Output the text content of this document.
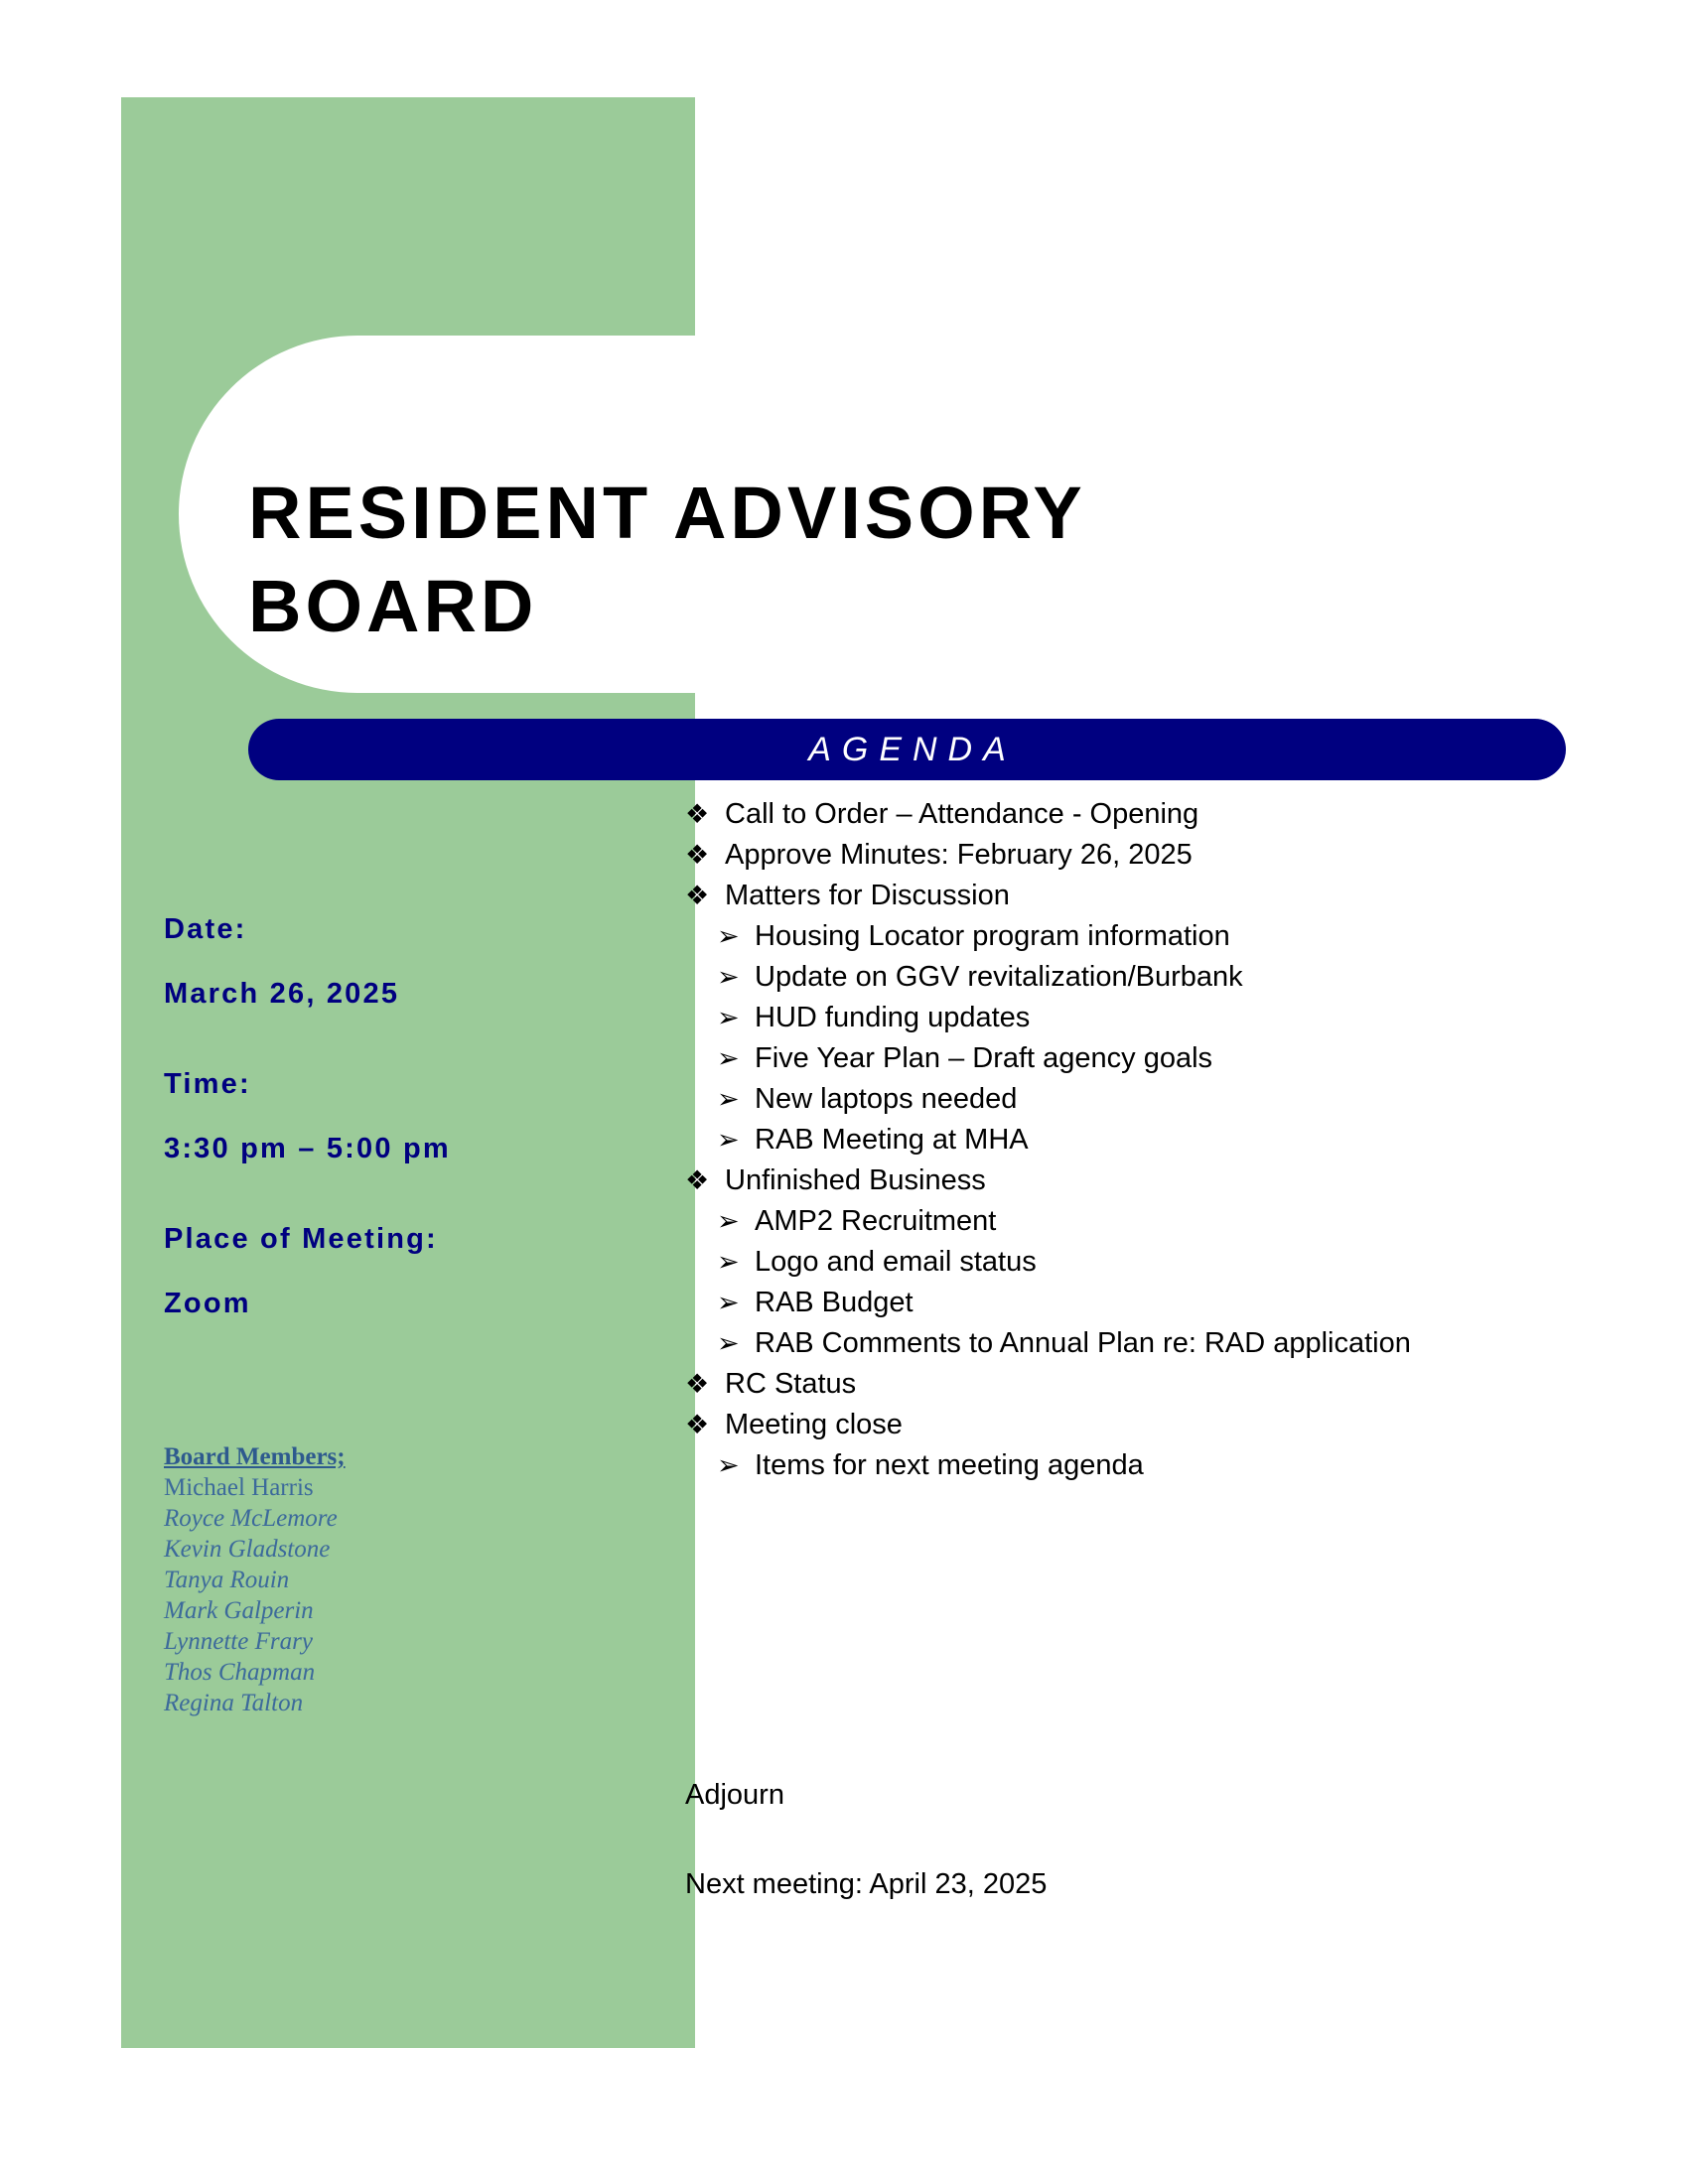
RESIDENT ADVISORY
BOARD
AGENDA
Date:
March 26, 2025
Time:
3:30 pm – 5:00 pm
Place of Meeting:
Zoom
Board Members;
Michael Harris
Royce McLemore
Kevin Gladstone
Tanya Rouin
Mark Galperin
Lynnette Frary
Thos Chapman
Regina Talton
❖ Call to Order – Attendance - Opening
❖ Approve Minutes: February 26, 2025
❖ Matters for Discussion
➢ Housing Locator program information
➢ Update on GGV revitalization/Burbank
➢ HUD funding updates
➢ Five Year Plan – Draft agency goals
➢ New laptops needed
➢ RAB Meeting at MHA
❖ Unfinished Business
➢ AMP2 Recruitment
➢ Logo and email status
➢ RAB Budget
➢ RAB Comments to Annual Plan re: RAD application
❖ RC Status
❖ Meeting close
➢ Items for next meeting agenda
Adjourn
Next meeting: April 23, 2025
